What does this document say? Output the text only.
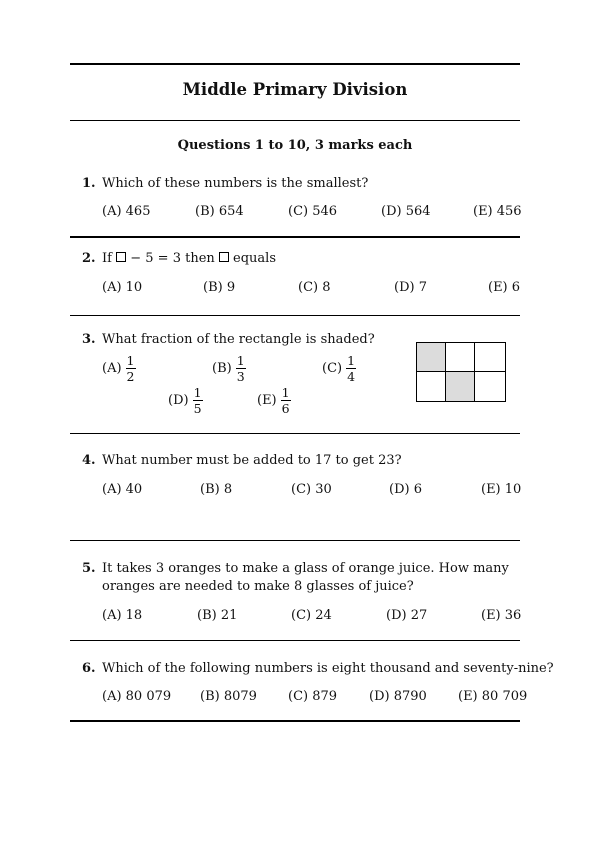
Middle Primary Division
Questions 1 to 10, 3 marks each
1. Which of these numbers is the smallest?
(A) 465	(B) 654	(C) 546	(D) 564	(E) 456
2. If − 5 = 3 then equals
(A) 10	(B) 9	(C) 8	(D) 7	(E) 6
3. What fraction of the rectangle is shaded?
$(A) \frac{1}{2}$	$(B) \frac{1}{3}$	$(C) \frac{1}{4}$
$(D) \frac{1}{5}$	$(E) \frac{1}{6}$
4. What number must be added to 17 to get 23?
(A) 40	(B) 8	(C) 30	(D) 6	(E) 10
5. It takes 3 oranges to make a glass of orange juice. How many oranges are needed to make 8 glasses of juice?
(A) 18	(B) 21	(C) 24	(D) 27	(E) 36
6. Which of the following numbers is eight thousand and seventy-nine?
(A) 80 079 (B) 8079 (C) 879 (D) 8790 (E) 80 709
